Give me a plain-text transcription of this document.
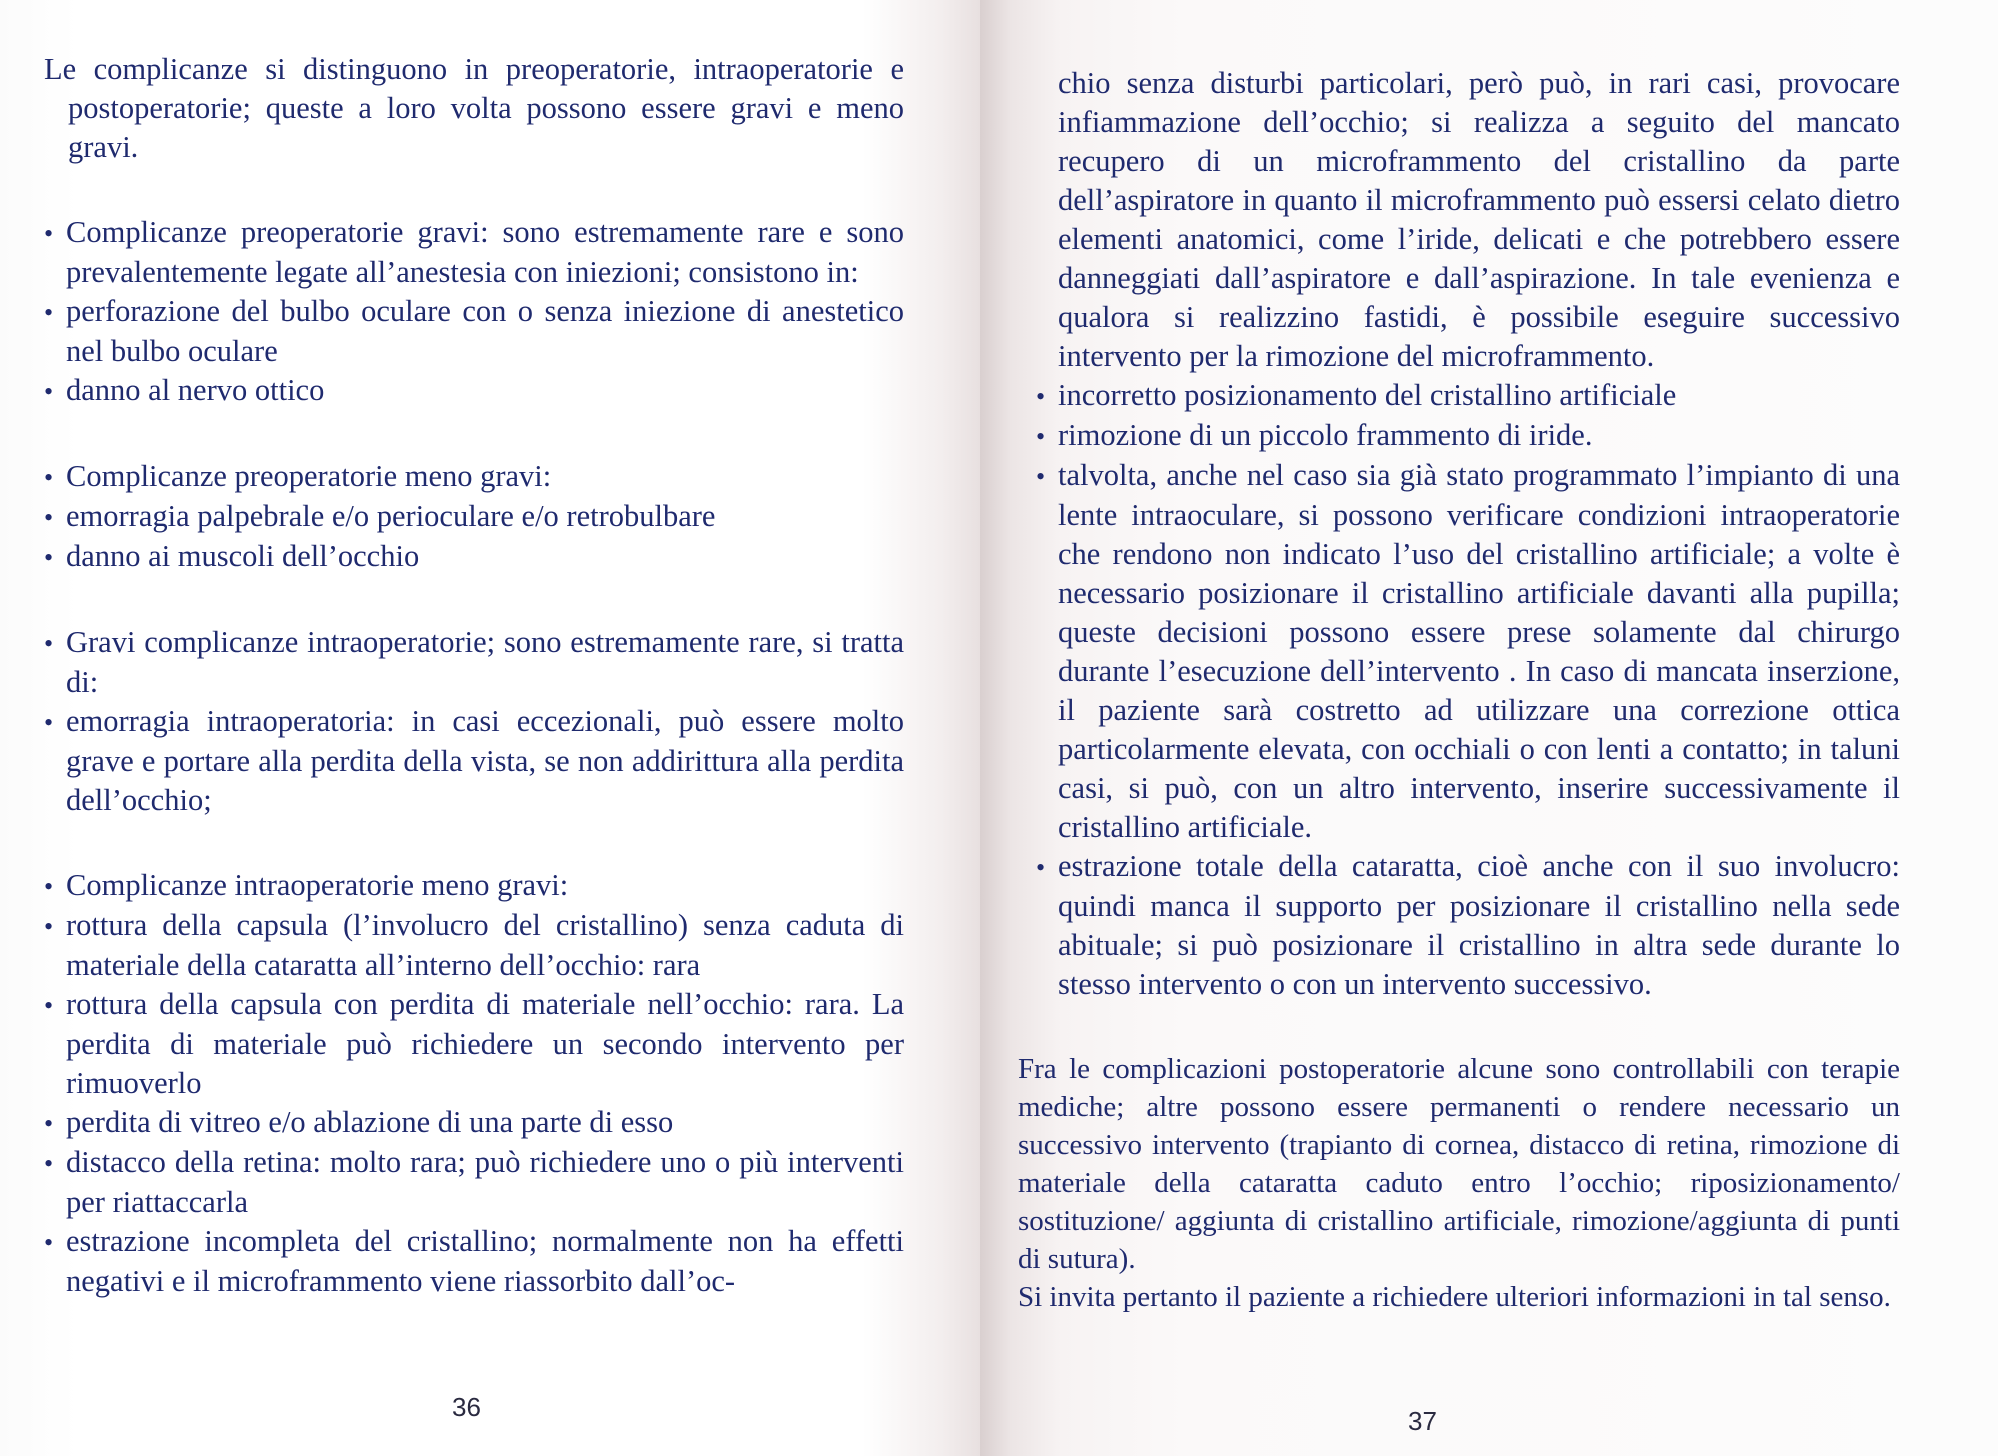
Le complicanze si distinguono in preoperatorie, intraoperatorie e postoperatorie; queste a loro volta possono essere gravi e meno gravi.

• Complicanze preoperatorie gravi: sono estremamente rare e sono prevalentemente legate all’anestesia con iniezioni; consistono in:

• perforazione del bulbo oculare con o senza iniezione di anestetico nel bulbo oculare

• danno al nervo ottico

• Complicanze preoperatorie meno gravi:

• emorragia palpebrale e/o perioculare e/o retrobulbare

• danno ai muscoli dell’occhio

• Gravi complicanze intraoperatorie; sono estremamente rare, si tratta di:

• emorragia intraoperatoria: in casi eccezionali, può essere molto grave e portare alla perdita della vista, se non addirittura alla perdita dell’occhio;

• Complicanze intraoperatorie meno gravi:

• rottura della capsula (l’involucro del cristallino) senza caduta di materiale della cataratta all’interno dell’occhio: rara

• rottura della capsula con perdita di materiale nell’occhio: rara. La perdita di materiale può richiedere un secondo intervento per rimuoverlo

• perdita di vitreo e/o ablazione di una parte di esso

• distacco della retina: molto rara; può richiedere uno o più interventi per riattaccarla

• estrazione incompleta del cristallino; normalmente non ha effetti negativi e il microframmento viene riassorbito dall’oc-

36

chio senza disturbi particolari, però può, in rari casi, provocare infiammazione dell’occhio; si realizza a seguito del mancato recupero di un microframmento del cristallino da parte dell’aspiratore in quanto il microframmento può essersi celato dietro elementi anatomici, come l’iride, delicati e che potrebbero essere danneggiati dall’aspiratore e dall’aspirazione. In tale evenienza e qualora si realizzino fastidi, è possibile eseguire successivo intervento per la rimozione del microframmento.

• incorretto posizionamento del cristallino artificiale

• rimozione di un piccolo frammento di iride.

• talvolta, anche nel caso sia già stato programmato l’impianto di una lente intraoculare, si possono verificare condizioni intraoperatorie che rendono non indicato l’uso del cristallino artificiale; a volte è necessario posizionare il cristallino artificiale davanti alla pupilla; queste decisioni possono essere prese solamente dal chirurgo durante l’esecuzione dell’intervento . In caso di mancata inserzione, il paziente sarà costretto ad utilizzare una correzione ottica particolarmente elevata, con occhiali o con lenti a contatto; in taluni casi, si può, con un altro intervento, inserire successivamente il cristallino artificiale.

• estrazione totale della cataratta, cioè anche con il suo involucro: quindi manca il supporto per posizionare il cristallino nella sede abituale; si può posizionare il cristallino in altra sede durante lo stesso intervento o con un intervento successivo.

Fra le complicazioni postoperatorie alcune sono controllabili con terapie mediche; altre possono essere permanenti o rendere necessario un successivo intervento (trapianto di cornea, distacco di retina, rimozione di materiale della cataratta caduto entro l’occhio; riposizionamento/ sostituzione/ aggiunta di cristallino artificiale, rimozione/aggiunta di punti di sutura).

Si invita pertanto il paziente a richiedere ulteriori informazioni in tal senso.

37
